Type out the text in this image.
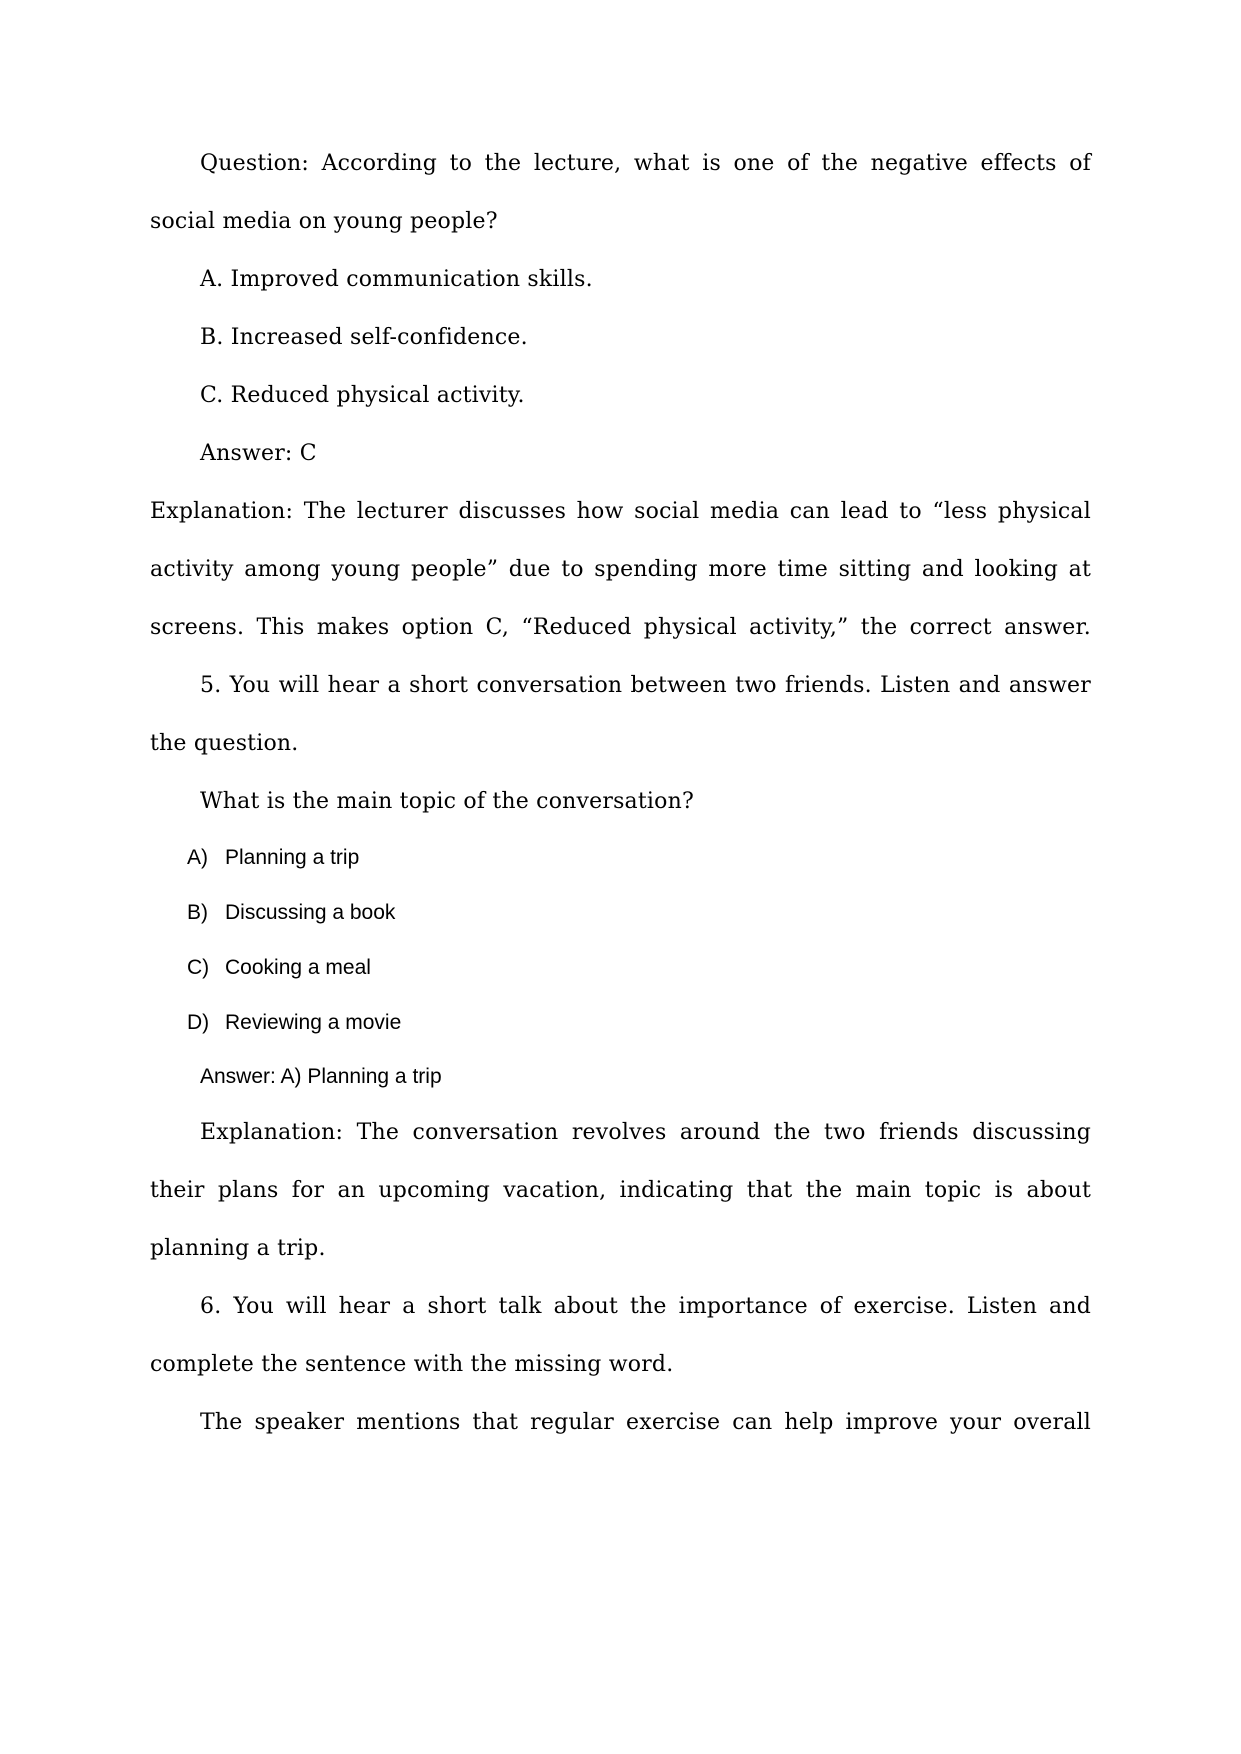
Question: According to the lecture, what is one of the negative effects of
social media on young people?
A. Improved communication skills.
B. Increased self-confidence.
C. Reduced physical activity.
Answer: C
Explanation: The lecturer discusses how social media can lead to “less physical
activity among young people” due to spending more time sitting and looking at
screens. This makes option C, “Reduced physical activity,” the correct answer.
5. You will hear a short conversation between two friends. Listen and answer
the question.
What is the main topic of the conversation?
A) Planning a trip
B) Discussing a book
C) Cooking a meal
D) Reviewing a movie
Answer: A) Planning a trip
Explanation: The conversation revolves around the two friends discussing
their plans for an upcoming vacation, indicating that the main topic is about
planning a trip.
6. You will hear a short talk about the importance of exercise. Listen and
complete the sentence with the missing word.
The speaker mentions that regular exercise can help improve your overall
